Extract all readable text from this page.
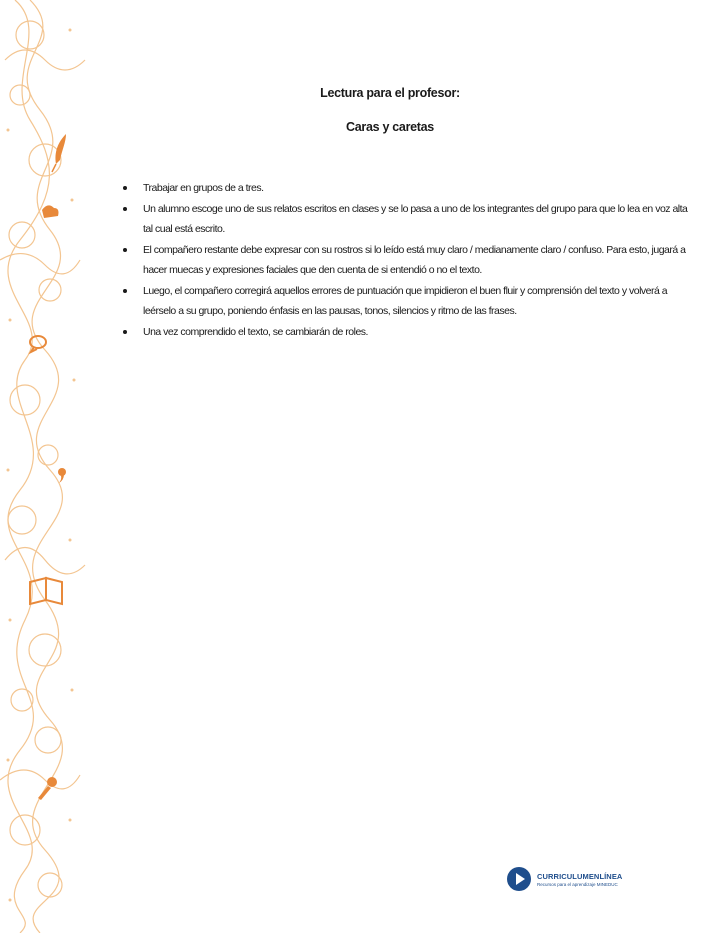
Lectura para el profesor:

Caras y caretas

Trabajar en grupos de a tres.
Un alumno escoge uno de sus relatos escritos en clases y se lo pasa a uno de los integrantes del grupo para que lo lea en voz alta tal cual está escrito.
El compañero restante debe expresar con su rostros si lo leído está muy claro / medianamente claro / confuso. Para esto, jugará a hacer muecas y expresiones faciales que den cuenta de si entendió o no el texto.
Luego, el compañero corregirá aquellos errores de puntuación que impidieron el buen fluir y comprensión del texto y volverá a leérselo a su grupo, poniendo énfasis en las pausas, tonos, silencios y ritmo de las frases.
Una vez comprendido el texto, se cambiarán de roles.
CURRICULUMENLÍNEA
Recursos para el aprendizaje MINEDUC
